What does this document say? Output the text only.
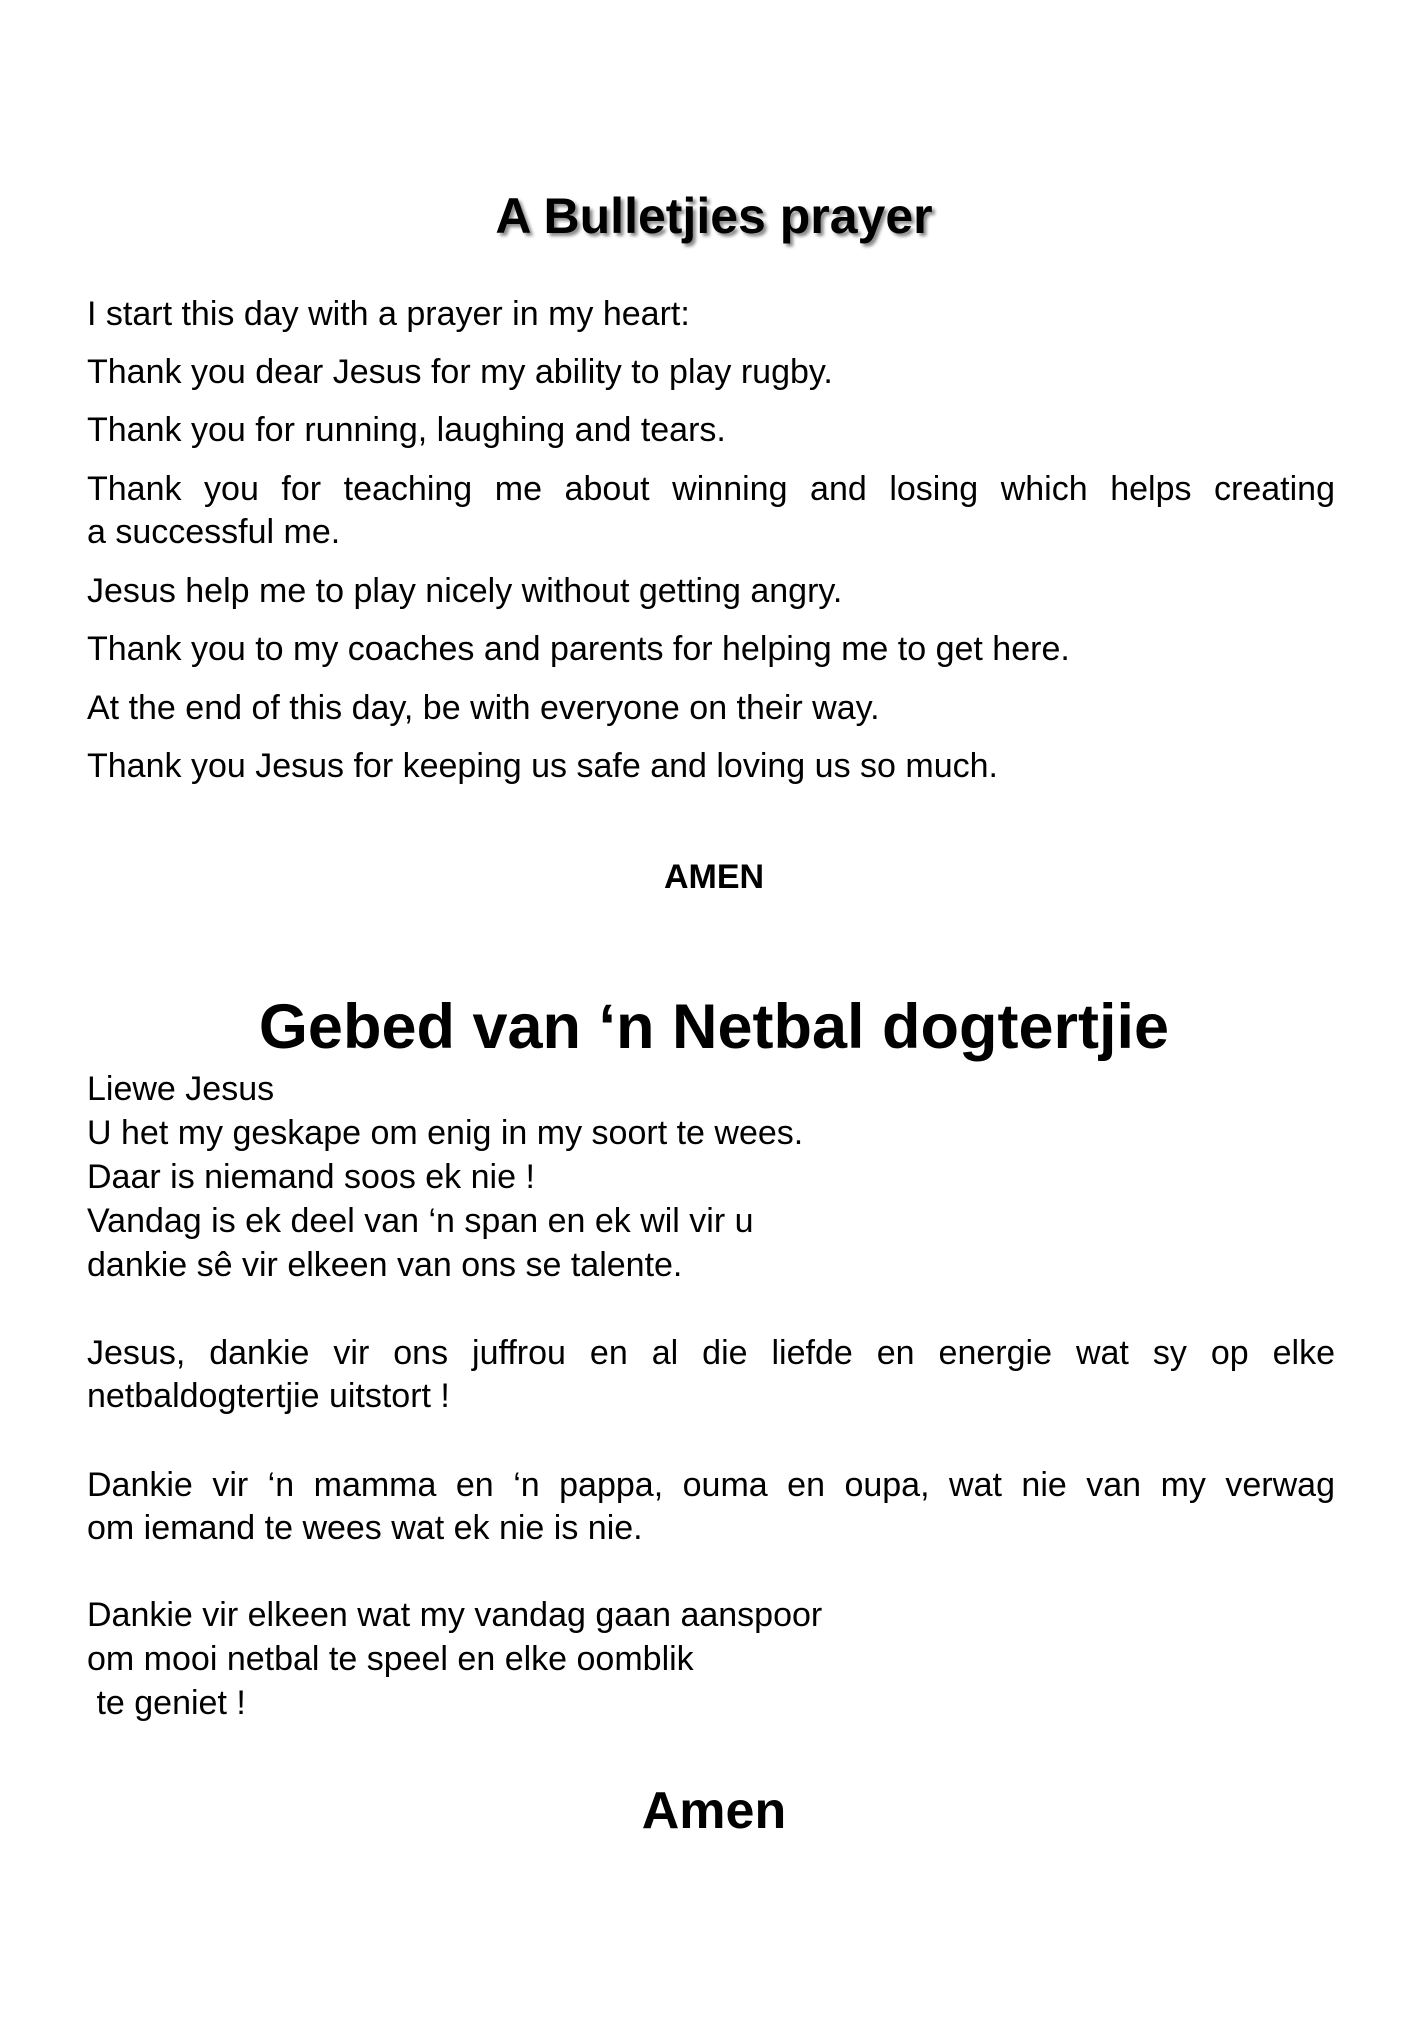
A Bulletjies prayer
I start this day with a prayer in my heart:
Thank you dear Jesus for my ability to play rugby.
Thank you for running, laughing and tears.
Thank you for teaching me about winning and losing which helps creating
a successful me.
Jesus help me to play nicely without getting angry.
Thank you to my coaches and parents for helping me to get here.
At the end of this day, be with everyone on their way.
Thank you Jesus for keeping us safe and loving us so much.
AMEN
Gebed van ‘n Netbal dogtertjie
Liewe Jesus
U het my geskape om enig in my soort te wees.
Daar is niemand soos ek nie !
Vandag is ek deel van ‘n span en ek wil vir u
dankie sê vir elkeen van ons se talente.
Jesus, dankie vir ons juffrou en al die liefde en energie wat sy op elke
netbaldogtertjie uitstort !
Dankie vir ‘n mamma en ‘n pappa, ouma en oupa, wat nie van my verwag
om iemand te wees wat ek nie is nie.
Dankie vir elkeen wat my vandag gaan aanspoor
om mooi netbal te speel en elke oomblik
te geniet !
Amen
